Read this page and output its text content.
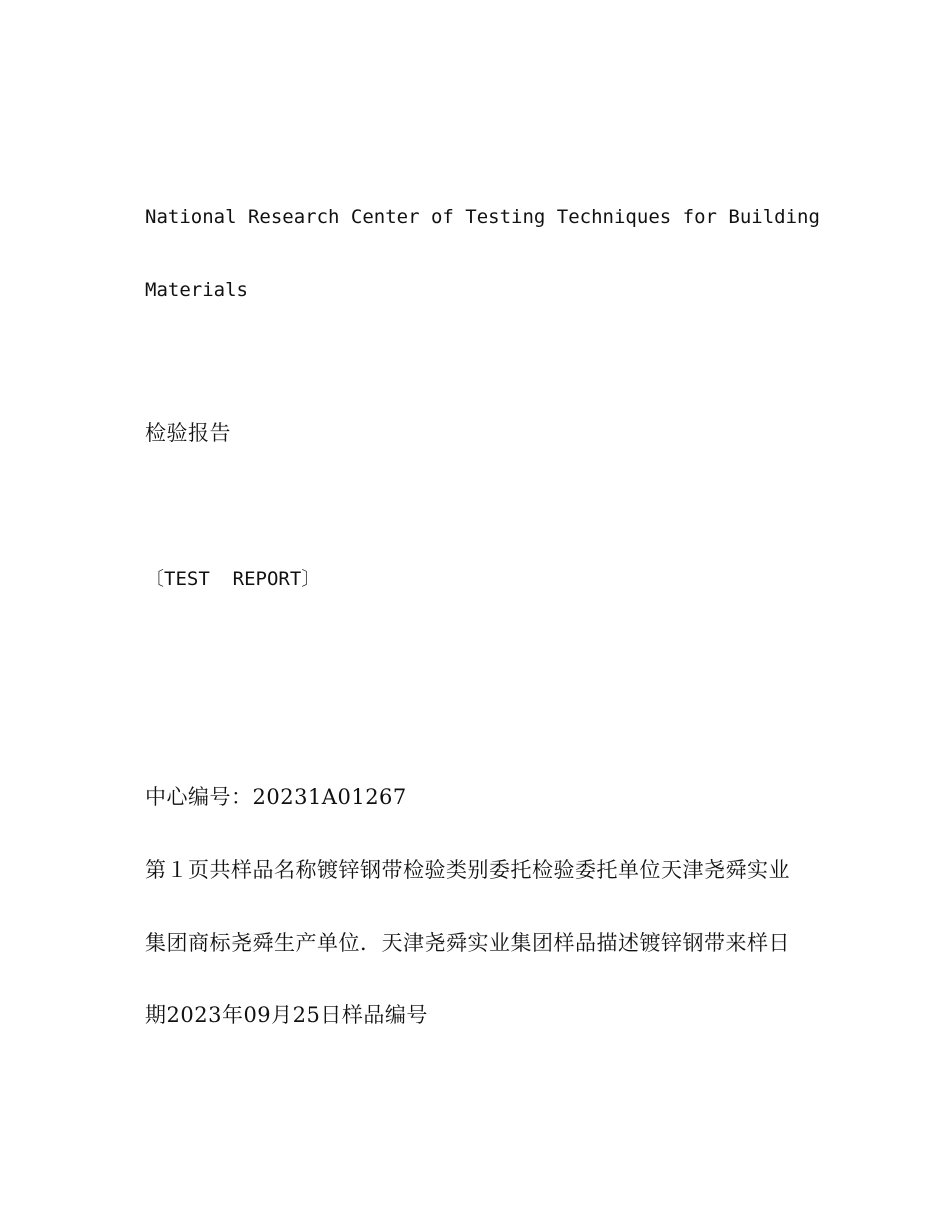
National Research Center of Testing Techniques for Building
Materials
检验报告
〔TEST  REPORT〕
中心编号：20231A01267
第１页共样品名称镀锌钢带检验类别委托检验委托单位天津尧舜实业
集团商标尧舜生产单位．天津尧舜实业集团样品描述镀锌钢带来样日
期2023年09月25日样品编号
